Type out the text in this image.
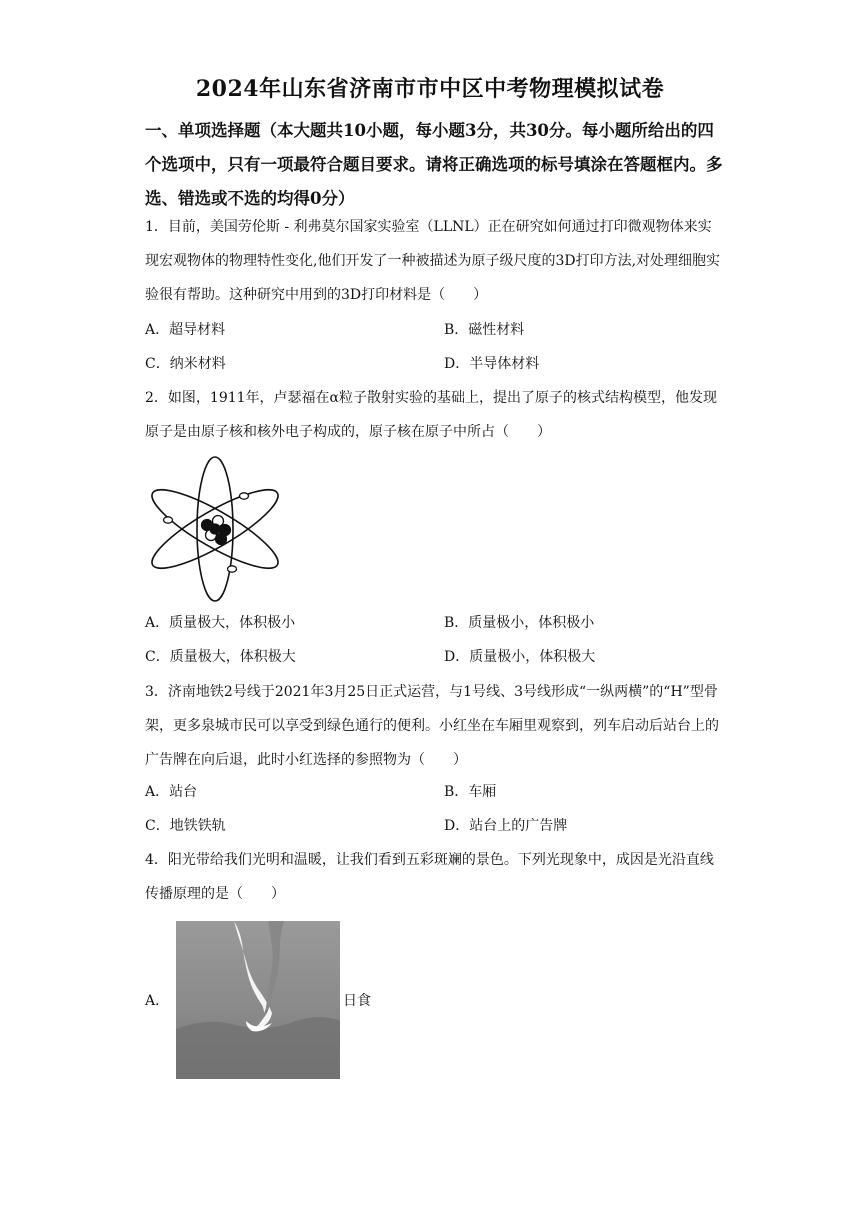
2024年山东省济南市市中区中考物理模拟试卷
一、单项选择题（本大题共10小题，每小题3分，共30分。每小题所给出的四个选项中，只有一项最符合题目要求。请将正确选项的标号填涂在答题框内。多选、错选或不选的均得0分）
1．目前，美国劳伦斯 - 利弗莫尔国家实验室（LLNL）正在研究如何通过打印微观物体来实现宏观物体的物理特性变化,他们开发了一种被描述为原子级尺度的3D打印方法,对处理细胞实验很有帮助。这种研究中用到的3D打印材料是（　　）
A．超导材料	B．磁性材料
C．纳米材料	D．半导体材料
2．如图，1911年，卢瑟福在α粒子散射实验的基础上，提出了原子的核式结构模型，他发现原子是由原子核和核外电子构成的，原子核在原子中所占（　　）
A．质量极大，体积极小	B．质量极小，体积极小
C．质量极大，体积极大	D．质量极小，体积极大
3．济南地铁2号线于2021年3月25日正式运营，与1号线、3号线形成“一纵两横”的“H”型骨架，更多泉城市民可以享受到绿色通行的便利。小红坐在车厢里观察到，列车启动后站台上的广告牌在向后退，此时小红选择的参照物为（　　）
A．站台	B．车厢
C．地铁铁轨	D．站台上的广告牌
4．阳光带给我们光明和温暖，让我们看到五彩斑斓的景色。下列光现象中，成因是光沿直线传播原理的是（　　）
A．	日食
